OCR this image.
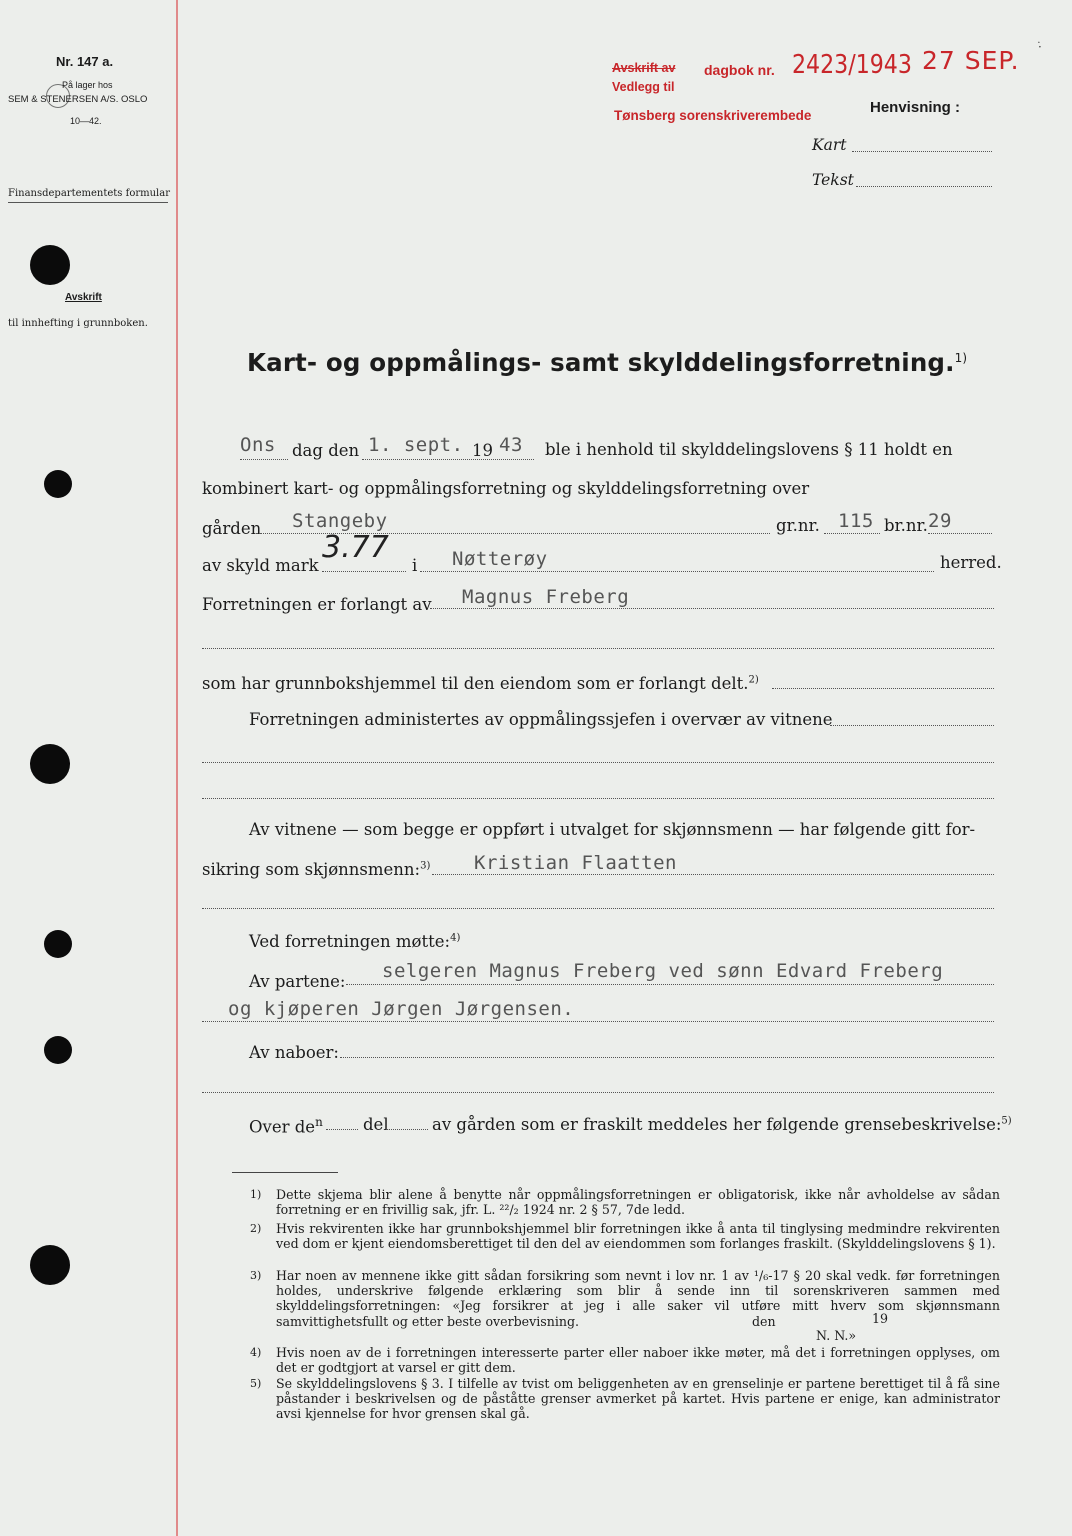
Nr. 147 a.
På lager hos
SEM & STENERSEN A/S. OSLO
10—42.
Finansdepartementets formular
Avskrift
til innhefting i grunnboken.
Avskrift av
Vedlegg til
dagbok nr. 2423/1943 27 SEP.
Tønsberg sorenskriverembede
·̇
Henvisning :
Kart
Tekst
Kart- og oppmålings- samt skylddelingsforretning.$^{1)}$
Ons dag den 1. sept. 19 43 ble i henhold til skylddelingslovens § 11 holdt en
kombinert kart- og oppmålingsforretning og skylddelingsforretning over
gården Stangeby	gr.nr. 115 br.nr. 29
av skyld mark
3.77
i Nøtterøy	herred.
Forretningen er forlangt av Magnus Freberg
som har grunnbokshjemmel til den eiendom som er forlangt delt.$^{2)}$
Forretningen administertes av oppmålingssjefen i overvær av vitnene
Av vitnene — som begge er oppført i utvalget for skjønnsmenn — har følgende gitt for-
sikring som skjønnsmenn:$^{3)}$ Kristian Flaatten
Ved forretningen møtte:$^{4)}$
Av partene: selgeren Magnus Freberg ved sønn Edvard Freberg
og kjøperen Jørgen Jørgensen.
Av naboer:
Over $de^n$ del	av gården som er fraskilt meddeles her følgende grensebeskrivelse:$^{5)}$
1) Dette skjema blir alene å benytte når oppmålingsforretningen er obligatorisk, ikke når avholdelse av sådan forretning er en frivillig sak, jfr. L. ²²/₂ 1924 nr. 2 § 57, 7de ledd.
2) Hvis rekvirenten ikke har grunnbokshjemmel blir forretningen ikke å anta til tinglysing medmindre rekvirenten ved dom er kjent eiendomsberettiget til den del av eiendommen som forlanges fraskilt. (Skylddelingslovens § 1).
3) Har noen av mennene ikke gitt sådan forsikring som nevnt i lov nr. 1 av ¹/₆-17 § 20 skal vedk. før forretningen holdes, underskrive følgende erklæring som blir å sende inn til sorenskriveren sammen med skylddelingsforretningen: «Jeg forsikrer at jeg i alle saker vil utføre mitt hverv som skjønnsmann samvittighetsfullt og etter beste overbevisning.	den	19
N. N.»
4) Hvis noen av de i forretningen interesserte parter eller naboer ikke møter, må det i forretningen opplyses, om det er godtgjort at varsel er gitt dem.
5) Se skylddelingslovens § 3. I tilfelle av tvist om beliggenheten av en grenselinje er partene berettiget til å få sine påstander i beskrivelsen og de påståtte grenser avmerket på kartet. Hvis partene er enige, kan administrator avsi kjennelse for hvor grensen skal gå.
